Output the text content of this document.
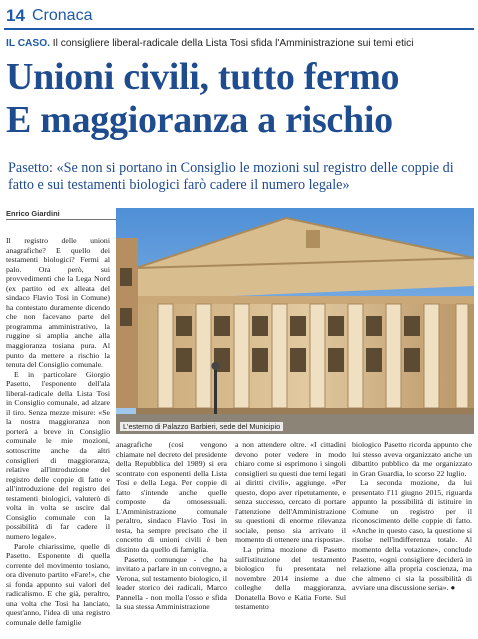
14 Cronaca
IL CASO. Il consigliere liberal-radicale della Lista Tosi sfida l'Amministrazione sui temi etici
Unioni civili, tutto fermo
E maggioranza a rischio
Pasetto: «Se non si portano in Consiglio le mozioni sul registro delle coppie di fatto e sui testamenti biologici farò cadere il numero legale»
Enrico Giardini
L'esterno di Palazzo Barbieri, sede del Municipio

Il registro delle unioni anagrafiche? E quello dei testamenti biologici? Fermi al palo. Ora però, sui provvedimenti che la Lega Nord (ex partito ed ex alleata del sindaco Flavio Tosi in Comune) ha contestato duramente dicendo che non facevano parte del programma amministrativo, la ruggine si amplia anche alla maggioranza tosiana pura. Al punto da mettere a rischio la tenuta del Consiglio comunale.

E in particolare Giorgio Pasetto, l'esponente dell'ala liberal-radicale della Lista Tosi in Consiglio comunale, ad alzare il tiro. Senza mezze misure: «Se la nostra maggioranza non porterà a breve in Consiglio comunale le mie mozioni, sottoscritte anche da altri consiglieri di maggioranza, relative all'introduzione del registro delle coppie di fatto e all'introduzione del registro dei testamenti biologici, valuterò di volta in volta se uscire dal Consiglio comunale con la possibilità di far cadere il numero legale».

Parole chiarissime, quelle di Pasetto. Esponente di quella corrente del movimento tosiano, ora divenuto partito «Fare!», che si fonda appunto sui valori del radicalismo. E che già, peraltro, una volta che Tosi ha lanciato, quest'anno, l'idea di una registro comunale delle famiglie

anagrafiche (così vengono chiamate nel decreto del presidente della Repubblica del 1989) si era scontrato con esponenti della Lista Tosi e della Lega. Per coppie di fatto s'intende anche quelle composte da omosessuali. L'Amministrazione comunale peraltro, sindaco Flavio Tosi in testa, ha sempre precisato che il concetto di unioni civili è ben distinto da quello di famiglia.

Pasetto, comunque - che ha invitato a parlare in un convegno, a Verona, sul testamento biologico, il leader storico dei radicali, Marco Pannella - non molla l'osso e sfida la sua stessa Amministrazione

a non attendere oltre. «I cittadini devono poter vedere in modo chiaro come si esprimono i singoli consiglieri su questi due temi legati ai diritti civili», aggiunge. «Per questo, dopo aver ripetutamente, e senza successo, cercato di portare l'attenzione dell'Amministrazione su questioni di enorme rilevanza sociale, penso sia arrivato il momento di ottenere una risposta».

La prima mozione di Pasetto sull'istituzione del testamento biologico fu presentata nel novembre 2014 insieme a due colleghe della maggioranza, Donatella Bovo e Katia Forte. Sul testamento

biologico Pasetto ricorda appunto che lui stesso aveva organizzato anche un dibattito pubblico da me organizzato in Gran Guardia, lo scorso 22 luglio.

La seconda mozione, da lui presentato l'11 giugno 2015, riguarda appunto la possibilità di istituire in Comune un registro per il riconoscimento delle coppie di fatto. «Anche in questo caso, la questione si risolse nell'indifferenza totale. Al momento della votazione», conclude Pasetto, «ogni consigliere deciderà in relazione alla propria coscienza, ma che almeno ci sia la possibilità di avviare una discussione seria». ●
